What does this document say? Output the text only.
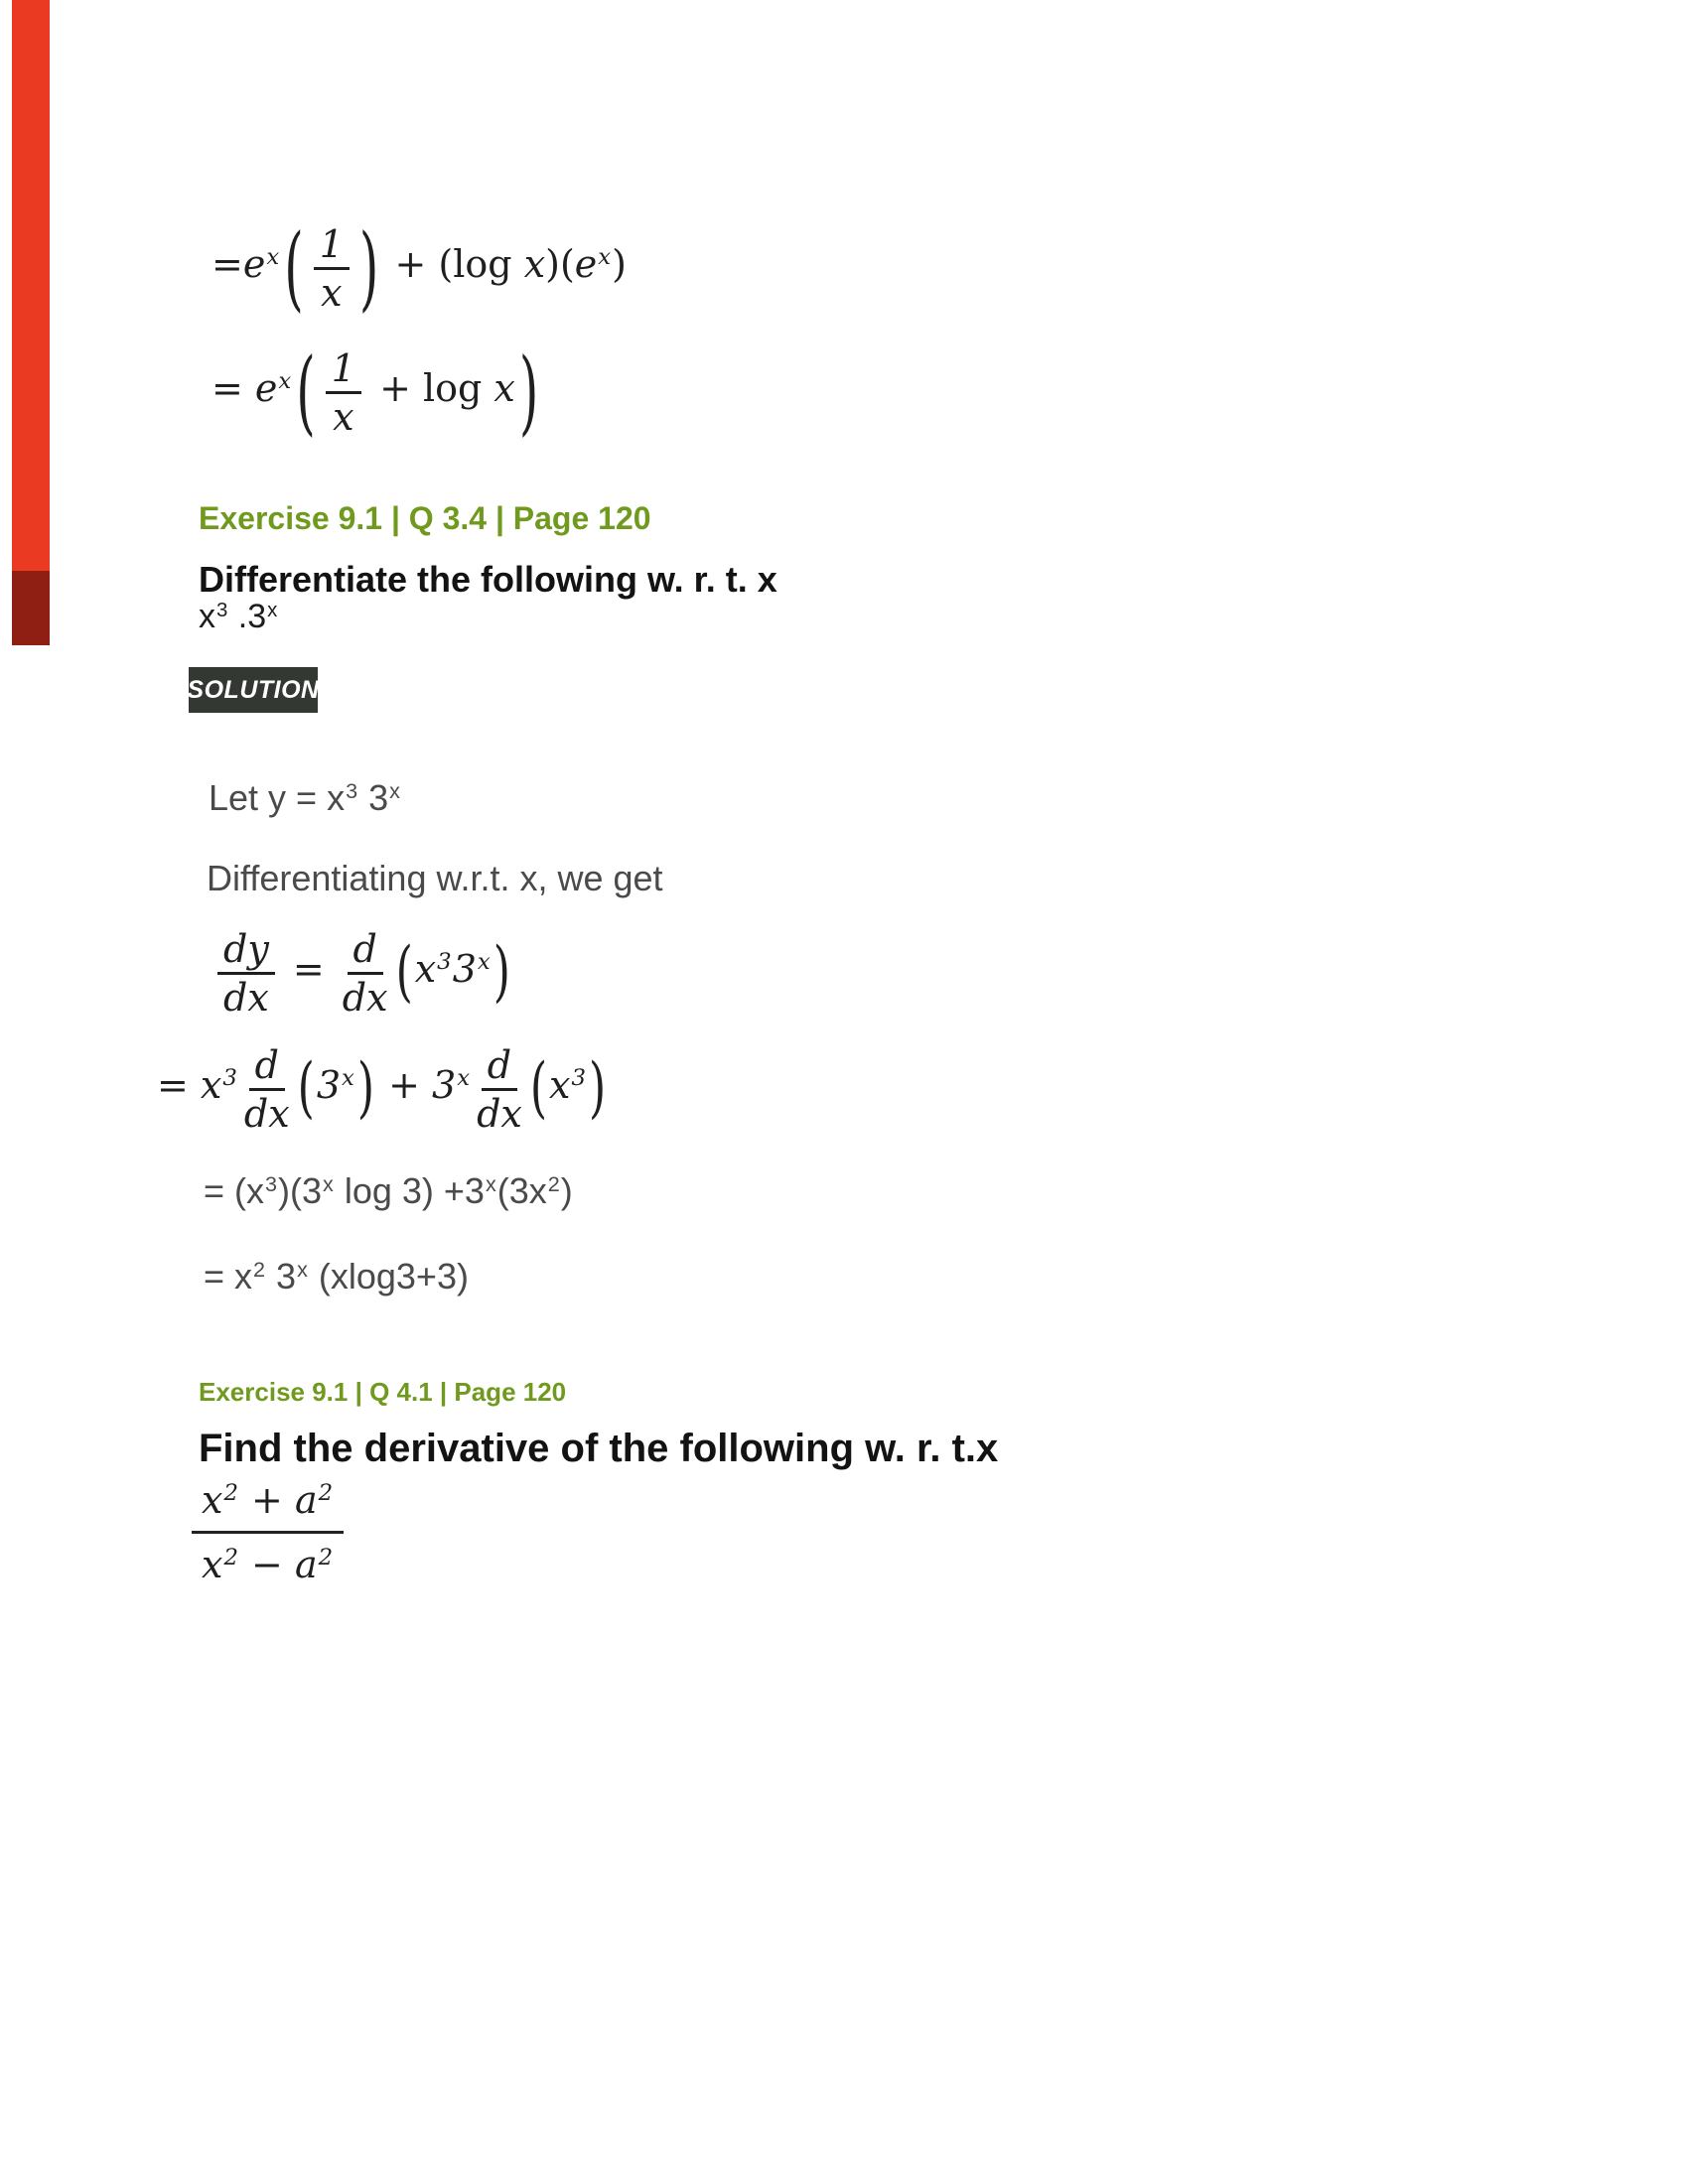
$=e^x$ ( $\frac{1}{x}$ ) + (log $x)(e^x)$
= $e^x$ ( $\frac{1}{x} + \log x$)
Exercise 9.1 | Q 3.4 | Page 120
Differentiate the following w. r. t. x
$x^3$ .3$^x$
SOLUTION
Let $y = x^3$ 3$^x$
Differentiating w.r.t. x, we get
$\frac{dy}{dx} = \frac{d}{dx} (x^33^x)$
= $x^3 \frac{d}{dx} (3^x) + 3^x \frac{d}{dx} (x^3)$
= $(x^3)(3^x$ $\log 3) +3^x(3x^2)$
= $x^2$ 3$^x$ (xlog3+3)
Exercise 9.1 | Q 4.1 | Page 120
Find the derivative of the following w. r. t.x
$\frac{x^2 + a^2}{x^2 - a^2}$
